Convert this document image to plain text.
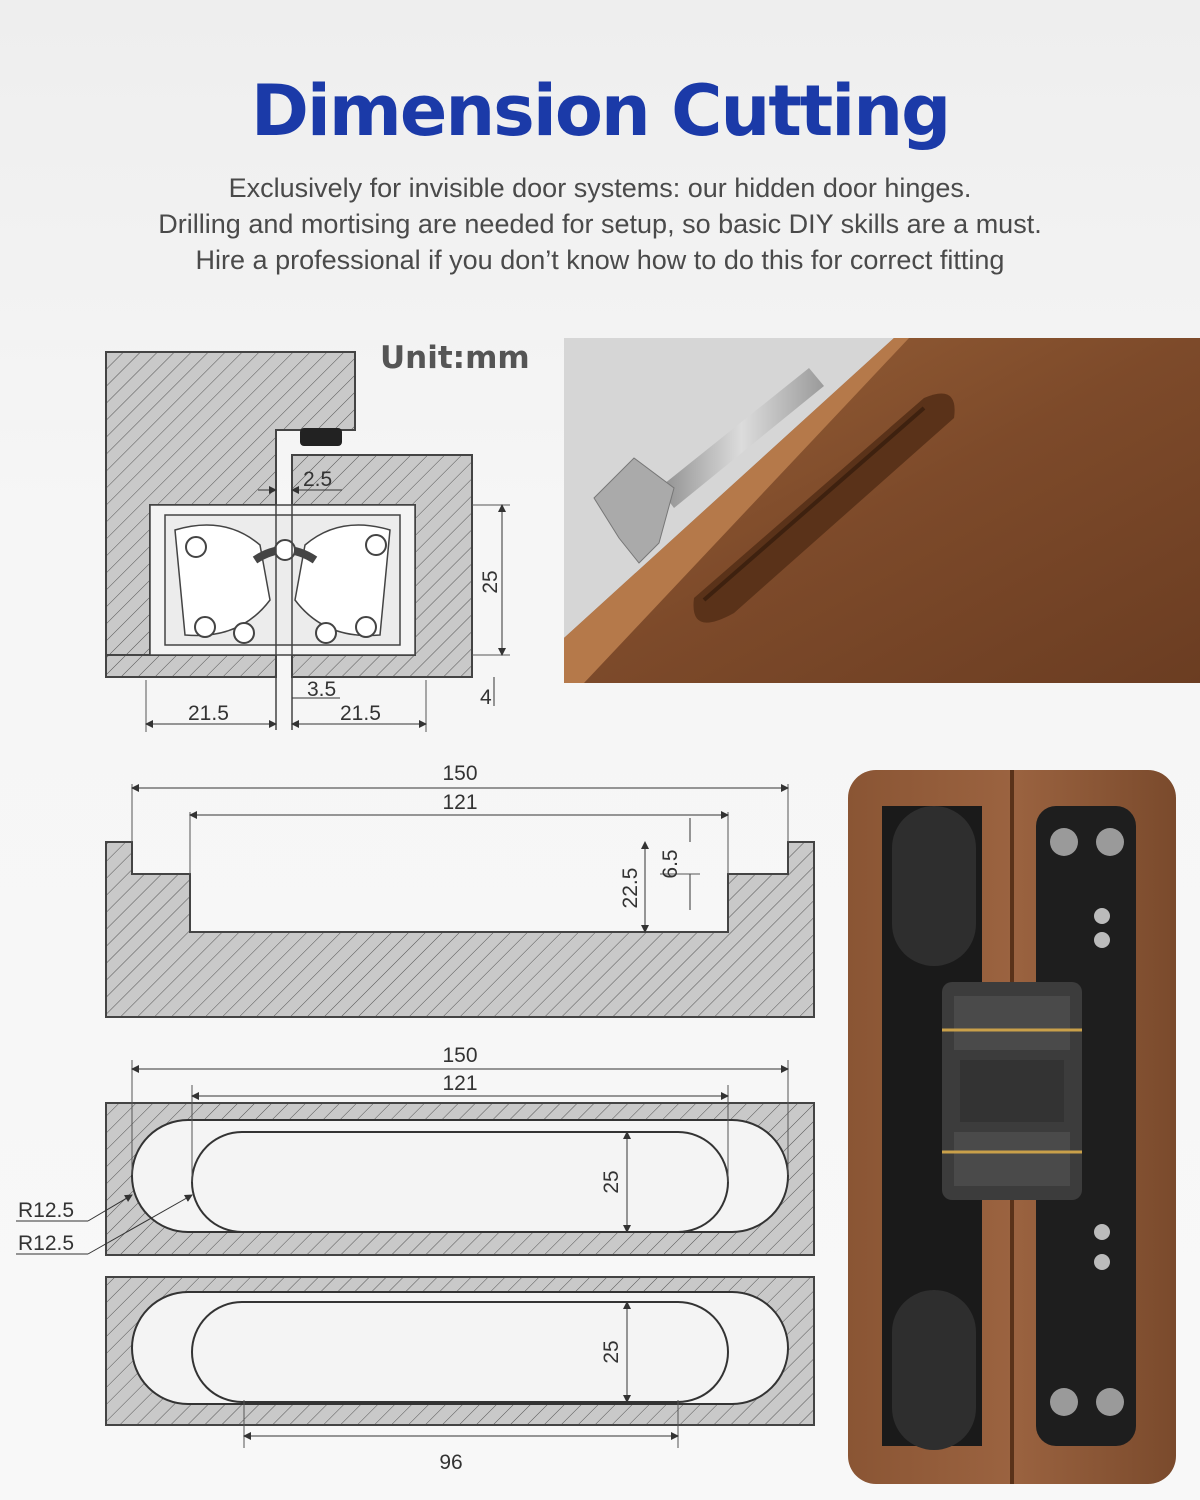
Dimension Cutting
Exclusively for invisible door systems: our hidden door hinges.
Drilling and mortising are needed for setup, so basic DIY skills are a must.
Hire a professional if you don’t know how to do this for correct fitting
Unit:mm
2.5
25
4
3.5
21.5	21.5
150
121
6.5
22.5
150
121
25
R12.5
R12.5
25
96
